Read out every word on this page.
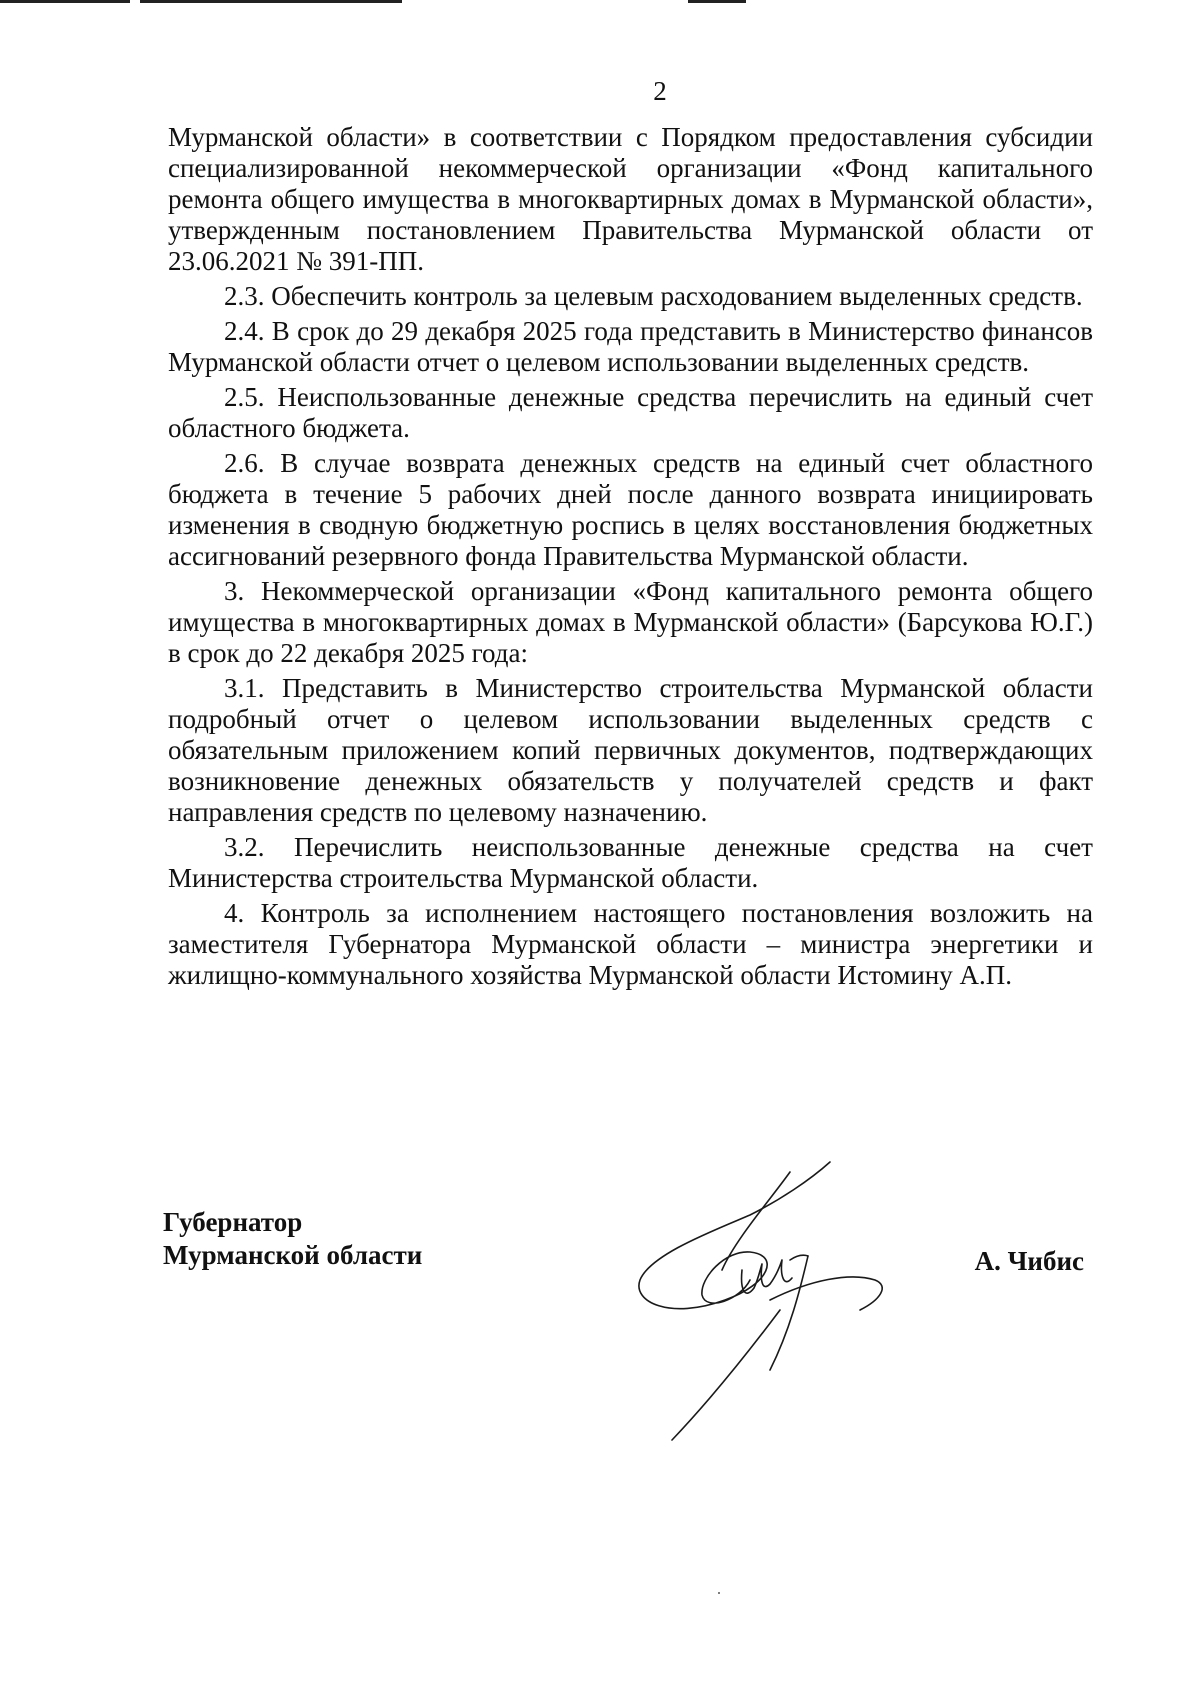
2

Мурманской области» в соответствии с Порядком предоставления субсидии специализированной некоммерческой организации «Фонд капитального ремонта общего имущества в многоквартирных домах в Мурманской области», утвержденным постановлением Правительства Мурманской области от 23.06.2021 № 391-ПП.

2.3. Обеспечить контроль за целевым расходованием выделенных средств.

2.4. В срок до 29 декабря 2025 года представить в Министерство финансов Мурманской области отчет о целевом использовании выделенных средств.

2.5. Неиспользованные денежные средства перечислить на единый счет областного бюджета.

2.6. В случае возврата денежных средств на единый счет областного бюджета в течение 5 рабочих дней после данного возврата инициировать изменения в сводную бюджетную роспись в целях восстановления бюджетных ассигнований резервного фонда Правительства Мурманской области.

3. Некоммерческой организации «Фонд капитального ремонта общего имущества в многоквартирных домах в Мурманской области» (Барсукова Ю.Г.) в срок до 22 декабря 2025 года:

3.1. Представить в Министерство строительства Мурманской области подробный отчет о целевом использовании выделенных средств с обязательным приложением копий первичных документов, подтверждающих возникновение денежных обязательств у получателей средств и факт направления средств по целевому назначению.

3.2. Перечислить неиспользованные денежные средства на счет Министерства строительства Мурманской области.

4. Контроль за исполнением настоящего постановления возложить на заместителя Губернатора Мурманской области – министра энергетики и жилищно-коммунального хозяйства Мурманской области Истомину А.П.

Губернатор
Мурманской области	А. Чибис
